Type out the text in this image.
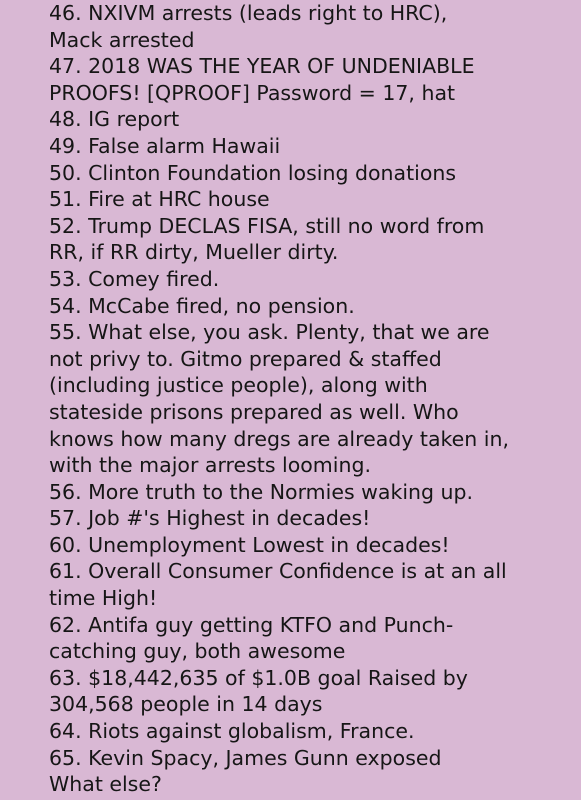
46. NXIVM arrests (leads right to HRC),
Mack arrested
47. 2018 WAS THE YEAR OF UNDENIABLE
PROOFS! [QPROOF] Password = 17, hat
48. IG report
49. False alarm Hawaii
50. Clinton Foundation losing donations
51. Fire at HRC house
52. Trump DECLAS FISA, still no word from
RR, if RR dirty, Mueller dirty.
53. Comey fired.
54. McCabe fired, no pension.
55. What else, you ask. Plenty, that we are
not privy to. Gitmo prepared & staffed
(including justice people), along with
stateside prisons prepared as well. Who
knows how many dregs are already taken in,
with the major arrests looming.
56. More truth to the Normies waking up.
57. Job #'s Highest in decades!
60. Unemployment Lowest in decades!
61. Overall Consumer Confidence is at an all
time High!
62. Antifa guy getting KTFO and Punch-
catching guy, both awesome
63. $18,442,635 of $1.0B goal Raised by
304,568 people in 14 days
64. Riots against globalism, France.
65. Kevin Spacy, James Gunn exposed
What else?
